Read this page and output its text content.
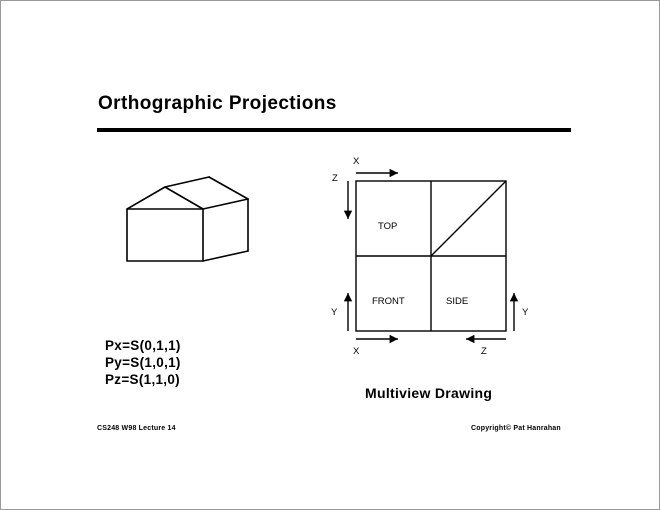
Orthographic Projections
TOP
FRONT	SIDE
X
Z
Y
X	Z
Y
Px=S(0,1,1)
Py=S(1,0,1)
Pz=S(1,1,0)
Multiview Drawing
CS248 W98 Lecture 14	Copyright© Pat Hanrahan
